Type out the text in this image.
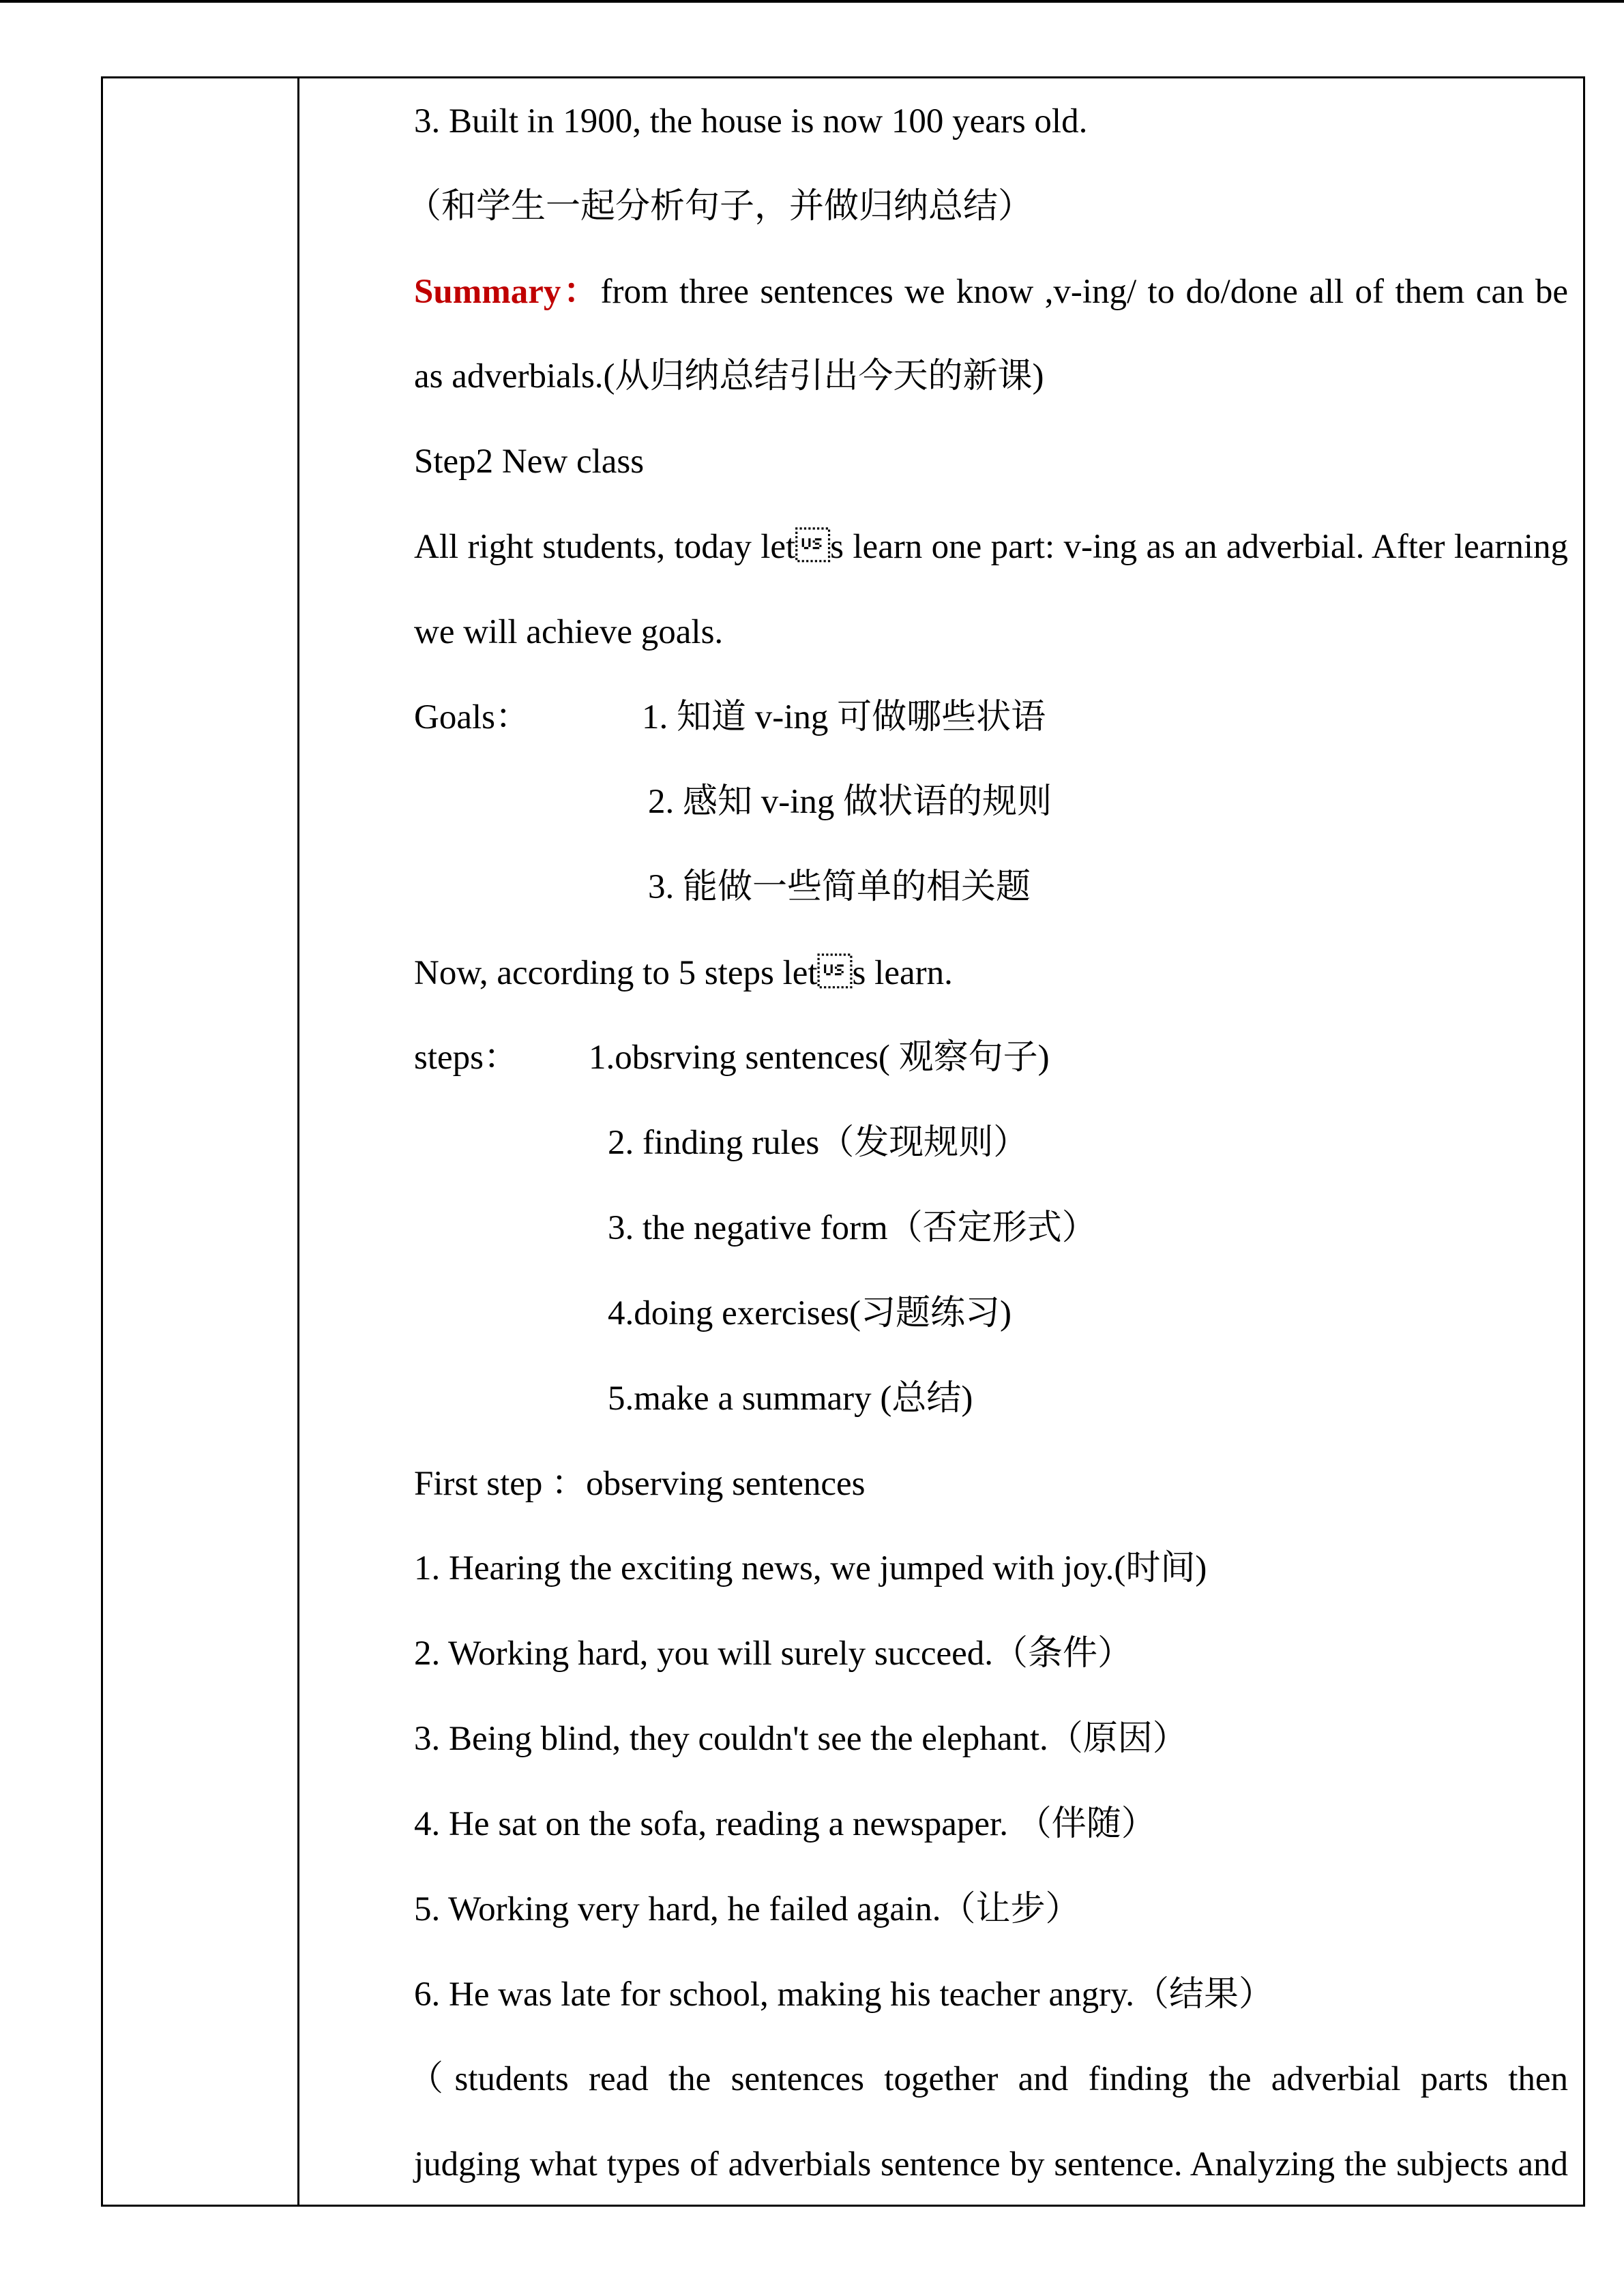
3. Built in 1900, the house is now 100 years old.
（和学生一起分析句子，并做归纳总结）
Summary：from three sentences we know ,v-ing/ to do/done all of them can be
as adverbials.(从归纳总结引出今天的新课)
Step2 New class
All right students, today lets learn one part: v-ing as an adverbial. After learning
we will achieve goals.
Goals：	1. 知道 v-ing 可做哪些状语
2. 感知 v-ing 做状语的规则
3. 能做一些简单的相关题
Now, according to 5 steps lets learn.
steps： 1.obsrving sentences( 观察句子)
2. finding rules（发现规则）
3. the negative form（否定形式）
4.doing exercises(习题练习)
5.make a summary (总结)
First step ：observing sentences
1. Hearing the exciting news, we jumped with joy.(时间)
2. Working hard, you will surely succeed.（条件）
3. Being blind, they couldn't see the elephant.（原因）
4. He sat on the sofa, reading a newspaper. （伴随）
5. Working very hard, he failed again.（让步）
6. He was late for school, making his teacher angry.（结果）
（students read the sentences together and finding the adverbial parts then
judging what types of adverbials sentence by sentence. Analyzing the subjects and
